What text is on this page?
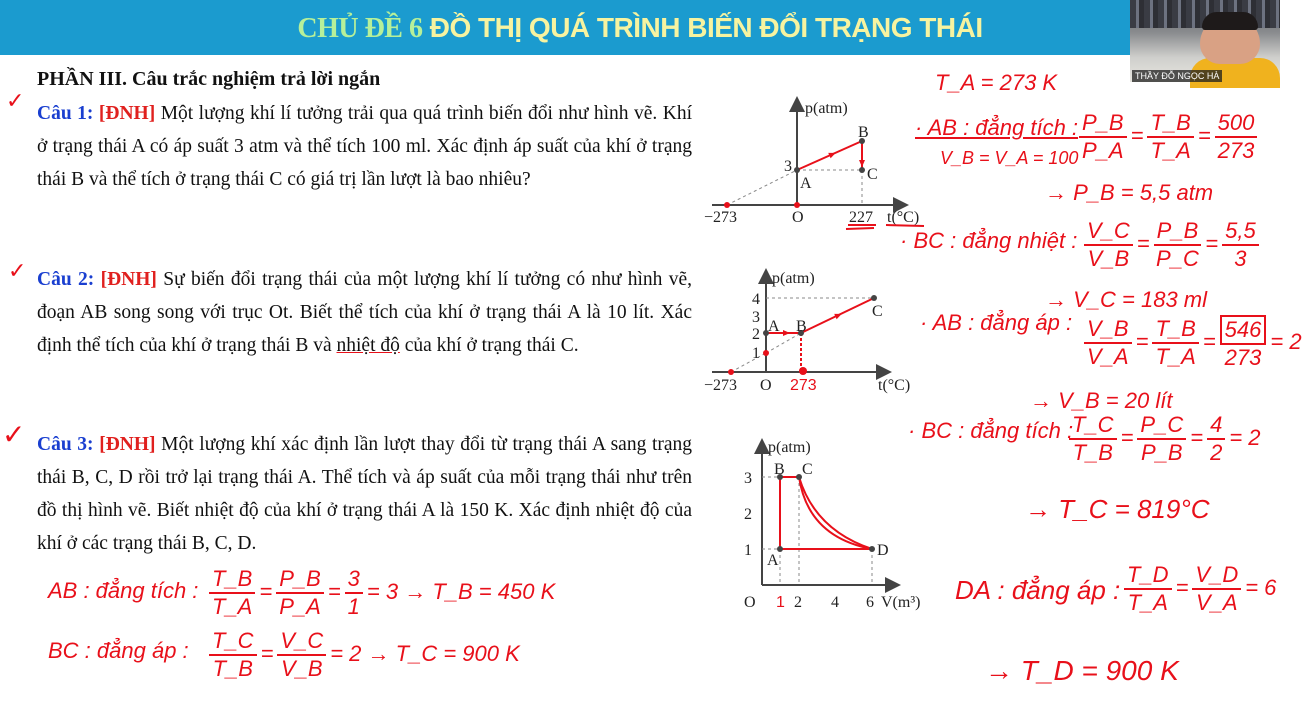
CHỦ ĐỀ 6 ĐỒ THỊ QUÁ TRÌNH BIẾN ĐỔI TRẠNG THÁI
THẦY ĐỖ NGỌC HÀ
PHẦN III. Câu trắc nghiệm trả lời ngắn
✓
✓
✓
Câu 1: [ĐNH] Một lượng khí lí tưởng trải qua quá trình biến đổi như hình vẽ. Khí ở trạng thái A có áp suất 3 atm và thể tích 100 ml. Xác định áp suất của khí ở trạng thái B và thể tích ở trạng thái C có giá trị lần lượt là bao nhiêu?
Câu 2: [ĐNH] Sự biến đổi trạng thái của một lượng khí lí tưởng có như hình vẽ, đoạn AB song song với trục Ot. Biết thể tích của khí ở trạng thái A là 10 lít. Xác định thể tích của khí ở trạng thái B và nhiệt độ của khí ở trạng thái C.
Câu 3: [ĐNH] Một lượng khí xác định lần lượt thay đổi từ trạng thái A sang trạng thái B, C, D rồi trở lại trạng thái A. Thể tích và áp suất của mỗi trạng thái như trên đồ thị hình vẽ. Biết nhiệt độ của khí ở trạng thái A là 150 K. Xác định nhiệt độ của khí ở các trạng thái B, C, D.
p(atm)
t(°C)
−273	O	227
3
A
B
C
p(atm)
t(°C)
−273 O
4
3
2
1
A B
C
273
p(atm)
V(m³)
O
3
2
1
2 4 6
1
A
B C
D
T_A = 273 K
· AB : đẳng tích :
V_B = V_A = $100 \frac{P\_B}{P\_A} = \frac{T\_B}{T\_A} = \frac{500}{273}$
→ P_B = 5,5 atm
· BC : đẳng nhiệt : $\frac{V\_C}{V\_B} = \frac{P\_B}{P\_C} = \frac{5,5}{3}$
→ V_C = 183 ml
· AB : đẳng áp : $\frac{V\_B}{V\_A} = \frac{T\_B}{T\_A} = \frac{546}{273} = 2$
→ V_B = 20 lít
· BC : đẳng tích :
$\frac{T\_C}{T\_B} = \frac{P\_C}{P\_B} = \frac{4}{2} = 2$
→ T_C = 819°C
DA : đẳng áp : $\frac{T\_D}{T\_A} = \frac{V\_D}{V\_A} = 6$
→ T_D = 900 K
AB : đẳng tích : $\frac{T\_B}{T\_A} = \frac{P\_B}{P\_A} = \frac{3}{1} = 3$ → T_B = 450 K
BC : đẳng áp : $\frac{T\_C}{T\_B} = \frac{V\_C}{V\_B} = 2$ → T_C = 900 K
